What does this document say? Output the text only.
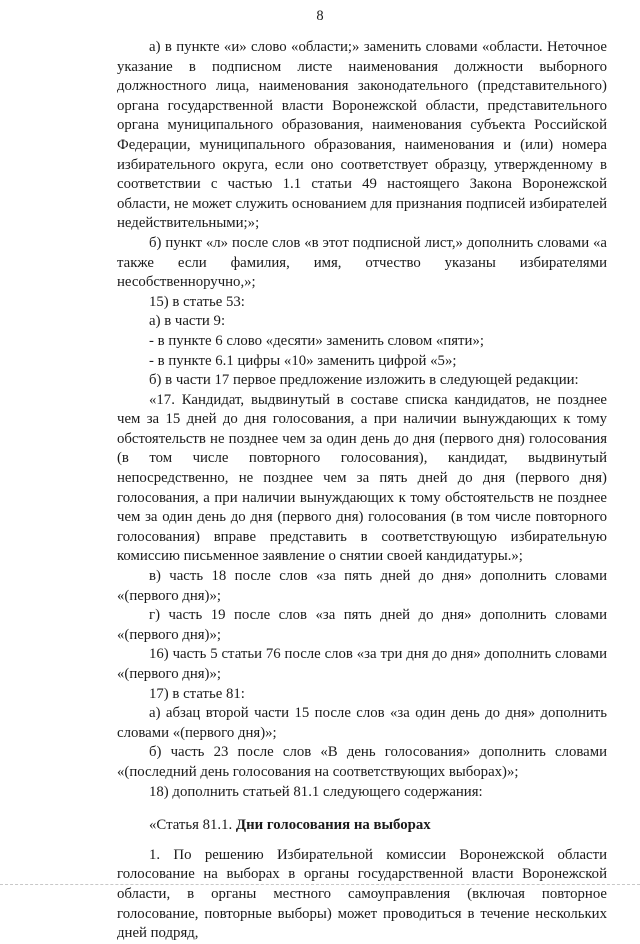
8

а) в пункте «и» слово «области;» заменить словами «области. Неточное указание в подписном листе наименования должности выборного должностного лица, наименования законодательного (представительного) органа государственной власти Воронежской области, представительного органа муниципального образования, наименования субъекта Российской Федерации, муниципального образования, наименования и (или) номера избирательного округа, если оно соответствует образцу, утвержденному в соответствии с частью 1.1 статьи 49 настоящего Закона Воронежской области, не может служить основанием для признания подписей избирателей недействительными;»;

б) пункт «л» после слов «в этот подписной лист,» дополнить словами «а также если фамилия, имя, отчество указаны избирателями несобственноручно,»;

15) в статье 53:

а) в части 9:

- в пункте 6 слово «десяти» заменить словом «пяти»;

- в пункте 6.1 цифры «10» заменить цифрой «5»;

б) в части 17 первое предложение изложить в следующей редакции:

«17. Кандидат, выдвинутый в составе списка кандидатов, не позднее чем за 15 дней до дня голосования, а при наличии вынуждающих к тому обстоятельств не позднее чем за один день до дня (первого дня) голосования (в том числе повторного голосования), кандидат, выдвинутый непосредственно, не позднее чем за пять дней до дня (первого дня) голосования, а при наличии вынуждающих к тому обстоятельств не позднее чем за один день до дня (первого дня) голосования (в том числе повторного голосования) вправе представить в соответствующую избирательную комиссию письменное заявление о снятии своей кандидатуры.»;

в) часть 18 после слов «за пять дней до дня» дополнить словами «(первого дня)»;

г) часть 19 после слов «за пять дней до дня» дополнить словами «(первого дня)»;

16) часть 5 статьи 76 после слов «за три дня до дня» дополнить словами «(первого дня)»;

17) в статье 81:

а) абзац второй части 15 после слов «за один день до дня» дополнить словами «(первого дня)»;

б) часть 23 после слов «В день голосования» дополнить словами «(последний день голосования на соответствующих выборах)»;

18) дополнить статьей 81.1 следующего содержания:

«Статья 81.1. Дни голосования на выборах

1. По решению Избирательной комиссии Воронежской области голосование на выборах в органы государственной власти Воронежской области, в органы местного самоуправления (включая повторное голосование, повторные выборы) может проводиться в течение нескольких дней подряд,
